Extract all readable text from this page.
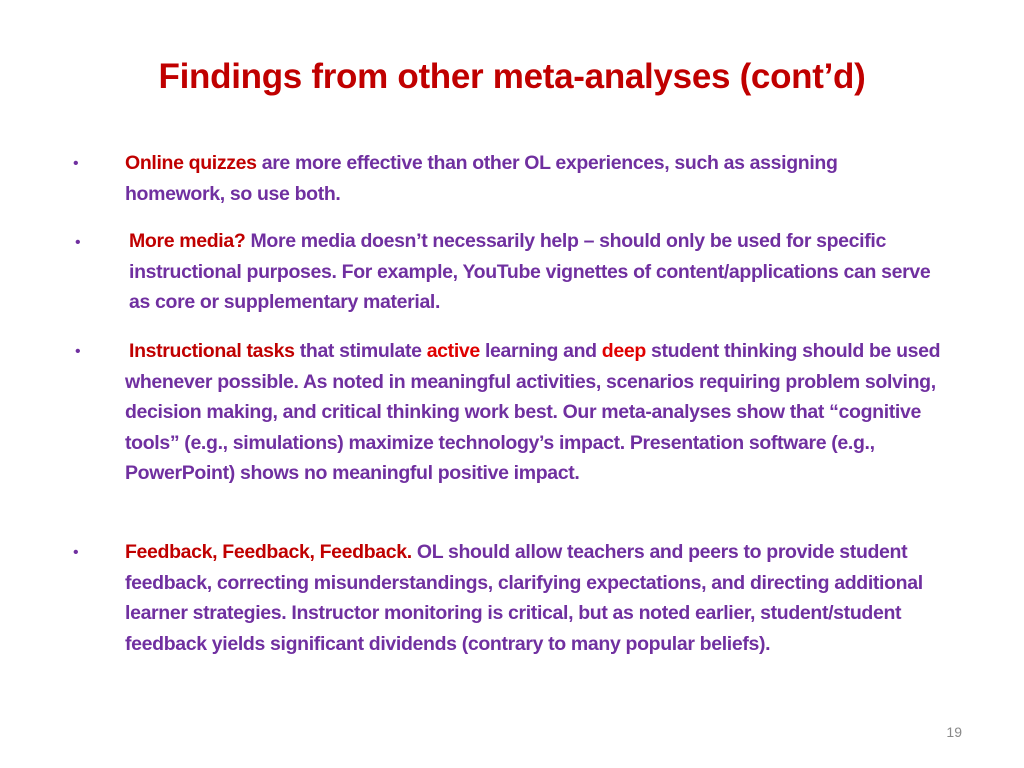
Findings from other meta-analyses (cont’d)
• Online quizzes are more effective than other OL experiences, such as assigning homework, so use both.

• More media? More media doesn’t necessarily help – should only be used for specific instructional purposes. For example, YouTube vignettes of content/applications can serve as core or supplementary material.

• Instructional tasks that stimulate active learning and deep student thinking should be used whenever possible. As noted in meaningful activities, scenarios requiring problem solving, decision making, and critical thinking work best. Our meta-analyses show that “cognitive tools” (e.g., simulations) maximize technology’s impact. Presentation software (e.g., PowerPoint) shows no meaningful positive impact.

• Feedback, Feedback, Feedback. OL should allow teachers and peers to provide student feedback, correcting misunderstandings, clarifying expectations, and directing additional learner strategies. Instructor monitoring is critical, but as noted earlier, student/student feedback yields significant dividends (contrary to many popular beliefs).

19
